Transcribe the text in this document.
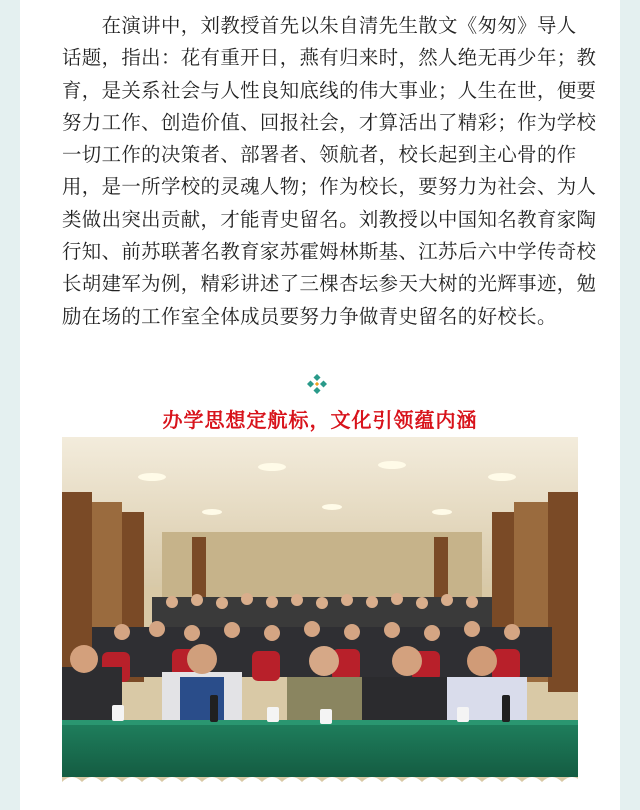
　　在演讲中，刘教授首先以朱自清先生散文《匆匆》导人
话题，指出：花有重开日，燕有归来时，然人绝无再少年；教
育，是关系社会与人性良知底线的伟大事业；人生在世，便要
努力工作、创造价值、回报社会，才算活出了精彩；作为学校
一切工作的决策者、部署者、领航者，校长起到主心骨的作
用，是一所学校的灵魂人物；作为校长，要努力为社会、为人
类做出突出贡献，才能青史留名。刘教授以中国知名教育家陶
行知、前苏联著名教育家苏霍姆林斯基、江苏后六中学传奇校
长胡建军为例，精彩讲述了三棵杏坛参天大树的光辉事迹，勉
励在场的工作室全体成员要努力争做青史留名的好校长。

办学思想定航标，文化引领蕴内涵
